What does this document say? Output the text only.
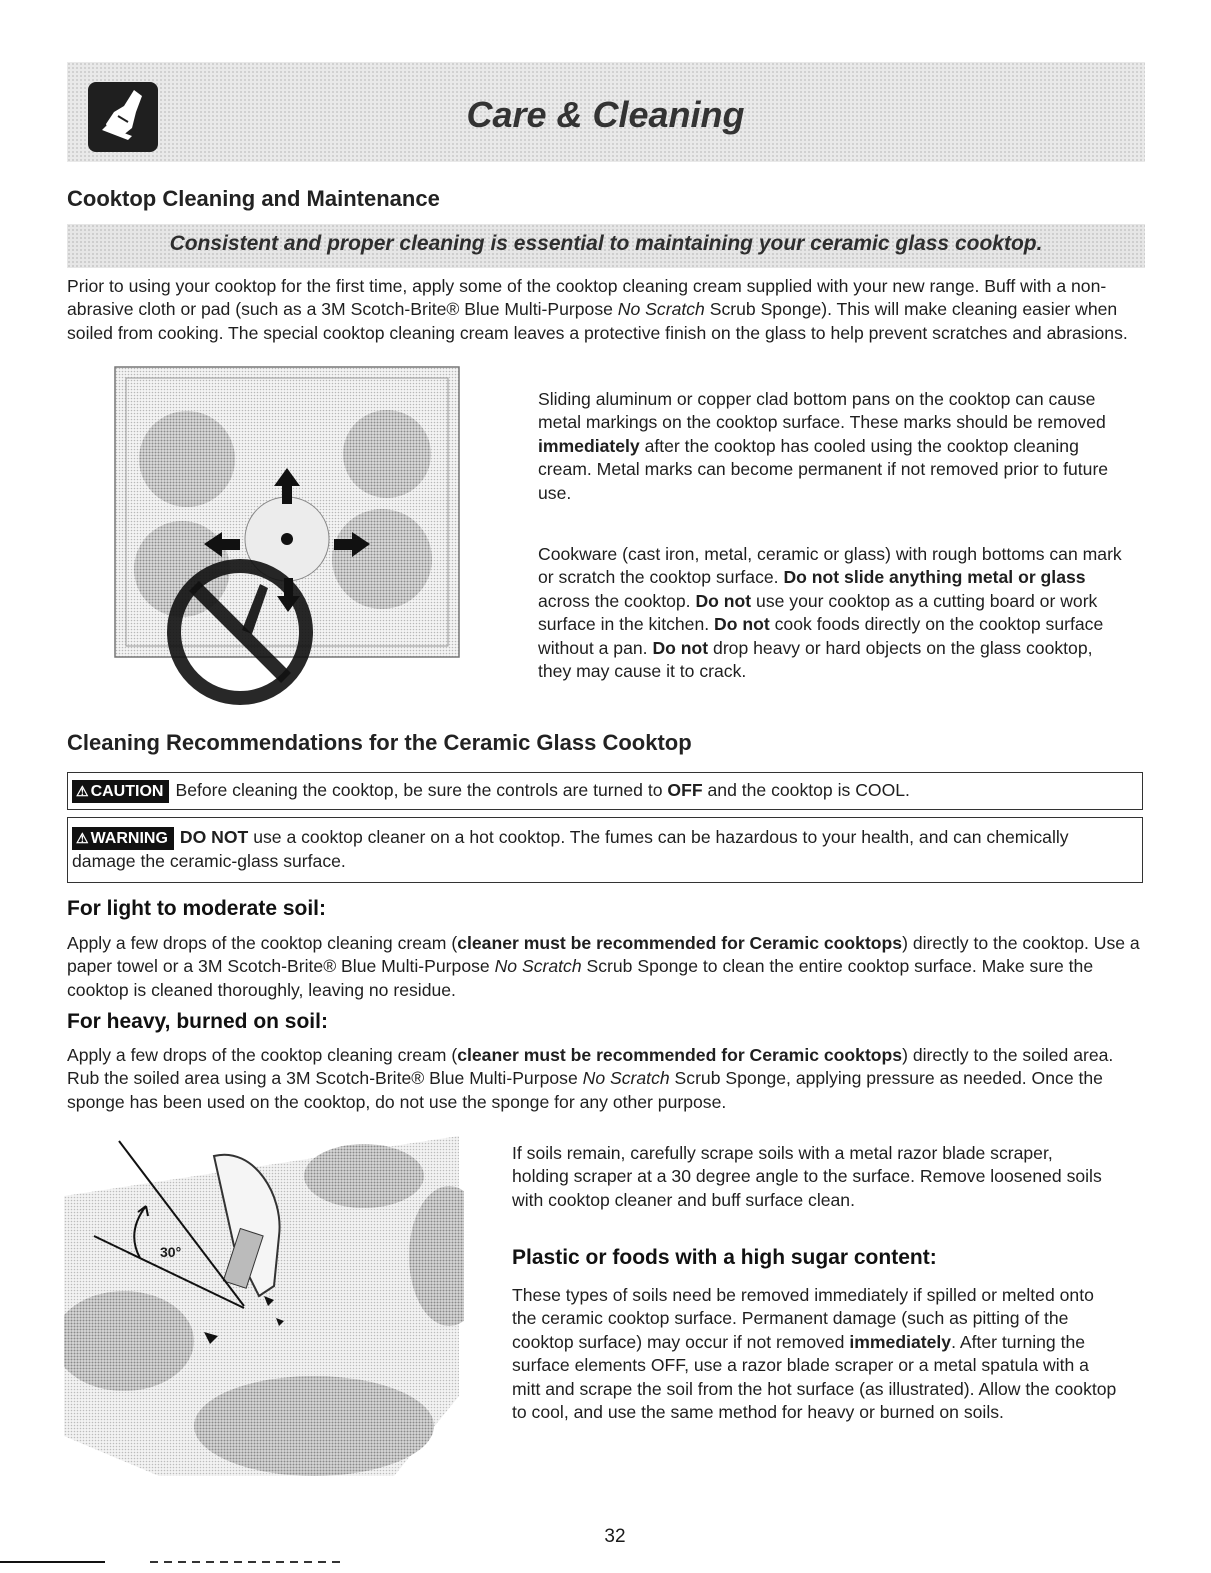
Care & Cleaning
Cooktop Cleaning and Maintenance
Consistent and proper cleaning is essential to maintaining your ceramic glass cooktop.

Prior to using your cooktop for the first time, apply some of the cooktop cleaning cream supplied with your new range. Buff with a non-abrasive cloth or pad (such as a 3M Scotch-Brite® Blue Multi-Purpose No Scratch Scrub Sponge). This will make cleaning easier when soiled from cooking. The special cooktop cleaning cream leaves a protective finish on the glass to help prevent scratches and abrasions.

Sliding aluminum or copper clad bottom pans on the cooktop can cause metal markings on the cooktop surface. These marks should be removed immediately after the cooktop has cooled using the cooktop cleaning cream. Metal marks can become permanent if not removed prior to future use.

Cookware (cast iron, metal, ceramic or glass) with rough bottoms can mark or scratch the cooktop surface. Do not slide anything metal or glass across the cooktop. Do not use your cooktop as a cutting board or work surface in the kitchen. Do not cook foods directly on the cooktop surface without a pan. Do not drop heavy or hard objects on the glass cooktop, they may cause it to crack.

Cleaning Recommendations for the Ceramic Glass Cooktop

⚠ CAUTION Before cleaning the cooktop, be sure the controls are turned to OFF and the cooktop is COOL.

⚠ WARNING DO NOT use a cooktop cleaner on a hot cooktop. The fumes can be hazardous to your health, and can chemically damage the ceramic-glass surface.

For light to moderate soil:

Apply a few drops of the cooktop cleaning cream (cleaner must be recommended for Ceramic cooktops) directly to the cooktop. Use a paper towel or a 3M Scotch-Brite® Blue Multi-Purpose No Scratch Scrub Sponge to clean the entire cooktop surface. Make sure the cooktop is cleaned thoroughly, leaving no residue.

For heavy, burned on soil:

Apply a few drops of the cooktop cleaning cream (cleaner must be recommended for Ceramic cooktops) directly to the soiled area. Rub the soiled area using a 3M Scotch-Brite® Blue Multi-Purpose No Scratch Scrub Sponge, applying pressure as needed. Once the sponge has been used on the cooktop, do not use the sponge for any other purpose.

30°

If soils remain, carefully scrape soils with a metal razor blade scraper, holding scraper at a 30 degree angle to the surface. Remove loosened soils with cooktop cleaner and buff surface clean.

Plastic or foods with a high sugar content:

These types of soils need be removed immediately if spilled or melted onto the ceramic cooktop surface. Permanent damage (such as pitting of the cooktop surface) may occur if not removed immediately. After turning the surface elements OFF, use a razor blade scraper or a metal spatula with a mitt and scrape the soil from the hot surface (as illustrated). Allow the cooktop to cool, and use the same method for heavy or burned on soils.

32
